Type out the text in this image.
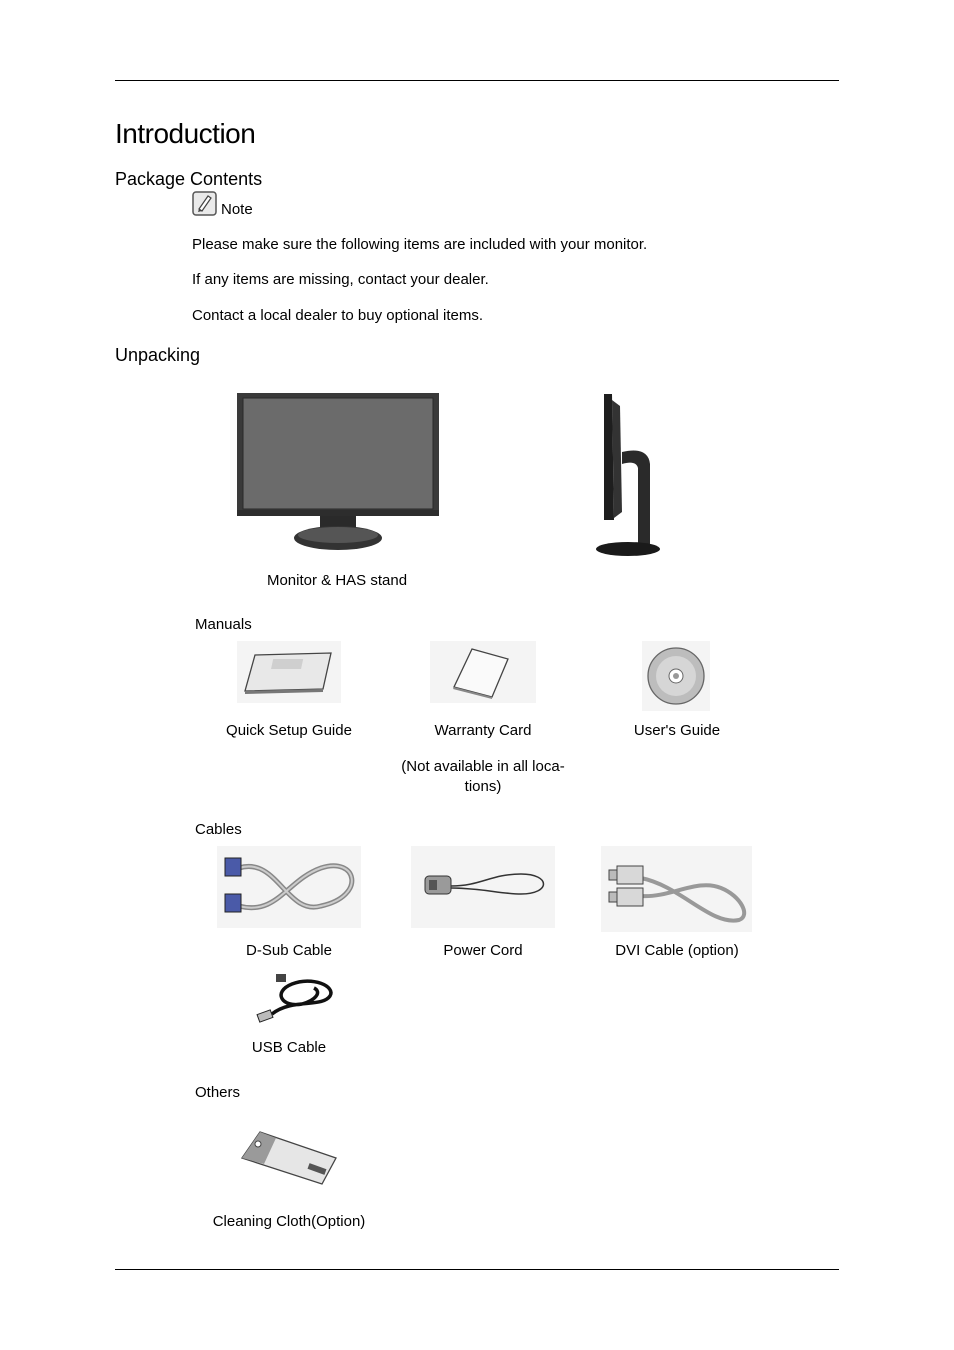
Introduction
Package Contents
Note
Please make sure the following items are included with your monitor.
If any items are missing, contact your dealer.
Contact a local dealer to buy optional items.
Unpacking
Monitor & HAS stand
Manuals
Quick Setup Guide	Warranty Card	User's Guide
(Not available in all loca-
tions)
Cables
D-Sub Cable	Power Cord	DVI Cable (option)
USB Cable
Others
Cleaning Cloth(Option)
